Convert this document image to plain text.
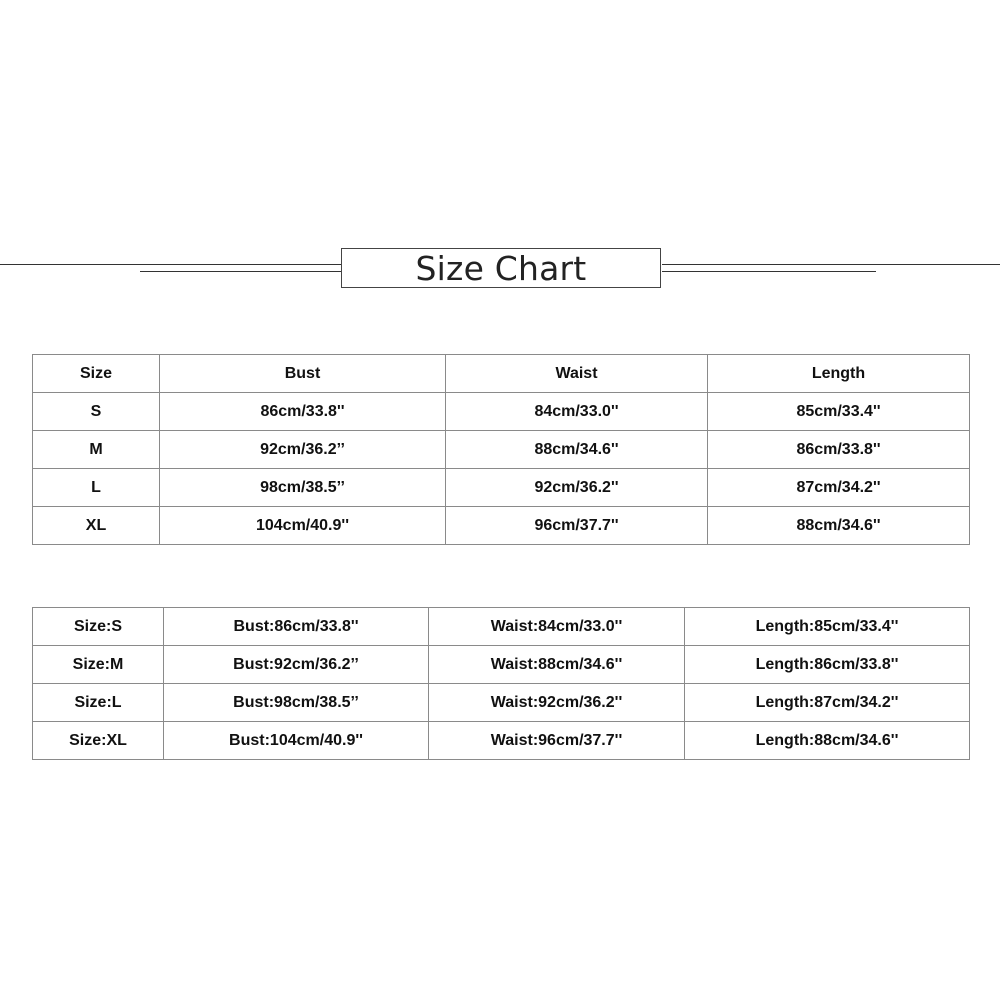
Size Chart
Size	Bust	Waist	Length
S	86cm/33.8''	84cm/33.0''	85cm/33.4''
M	92cm/36.2’’	88cm/34.6''	86cm/33.8''
L	98cm/38.5’’	92cm/36.2''	87cm/34.2''
XL	104cm/40.9''	96cm/37.7''	88cm/34.6''
Size:S	Bust:86cm/33.8''	Waist:84cm/33.0''	Length:85cm/33.4''
Size:M	Bust:92cm/36.2’’	Waist:88cm/34.6''	Length:86cm/33.8''
Size:L	Bust:98cm/38.5’’	Waist:92cm/36.2''	Length:87cm/34.2''
Size:XL	Bust:104cm/40.9''	Waist:96cm/37.7''	Length:88cm/34.6''
